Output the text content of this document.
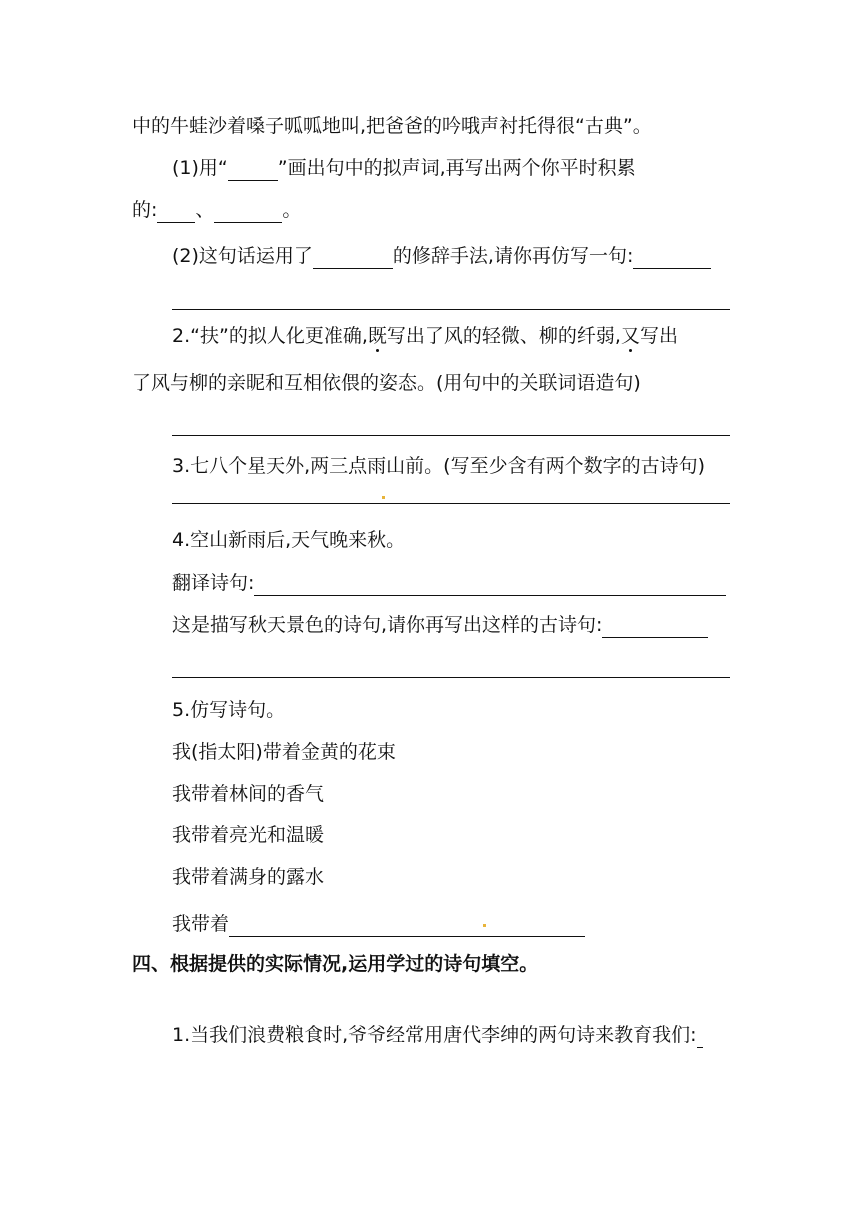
中的牛蛙沙着嗓子呱呱地叫,把爸爸的吟哦声衬托得很“古典”。
(1)用“	”画出句中的拟声词,再写出两个你平时积累
的: 、	。
(2)这句话运用了	的修辞手法,请你再仿写一句:
2.“扶”的拟人化更准确,既写出了风的轻微、柳的纤弱,又写出
了风与柳的亲昵和互相依偎的姿态。(用句中的关联词语造句)
3.七八个星天外,两三点雨山前。(写至少含有两个数字的古诗句)
4.空山新雨后,天气晚来秋。
翻译诗句:
这是描写秋天景色的诗句,请你再写出这样的古诗句:
5.仿写诗句。
我(指太阳)带着金黄的花束
我带着林间的香气
我带着亮光和温暖
我带着满身的露水
我带着
四、根据提供的实际情况,运用学过的诗句填空。
1.当我们浪费粮食时,爷爷经常用唐代李绅的两句诗来教育我们:
